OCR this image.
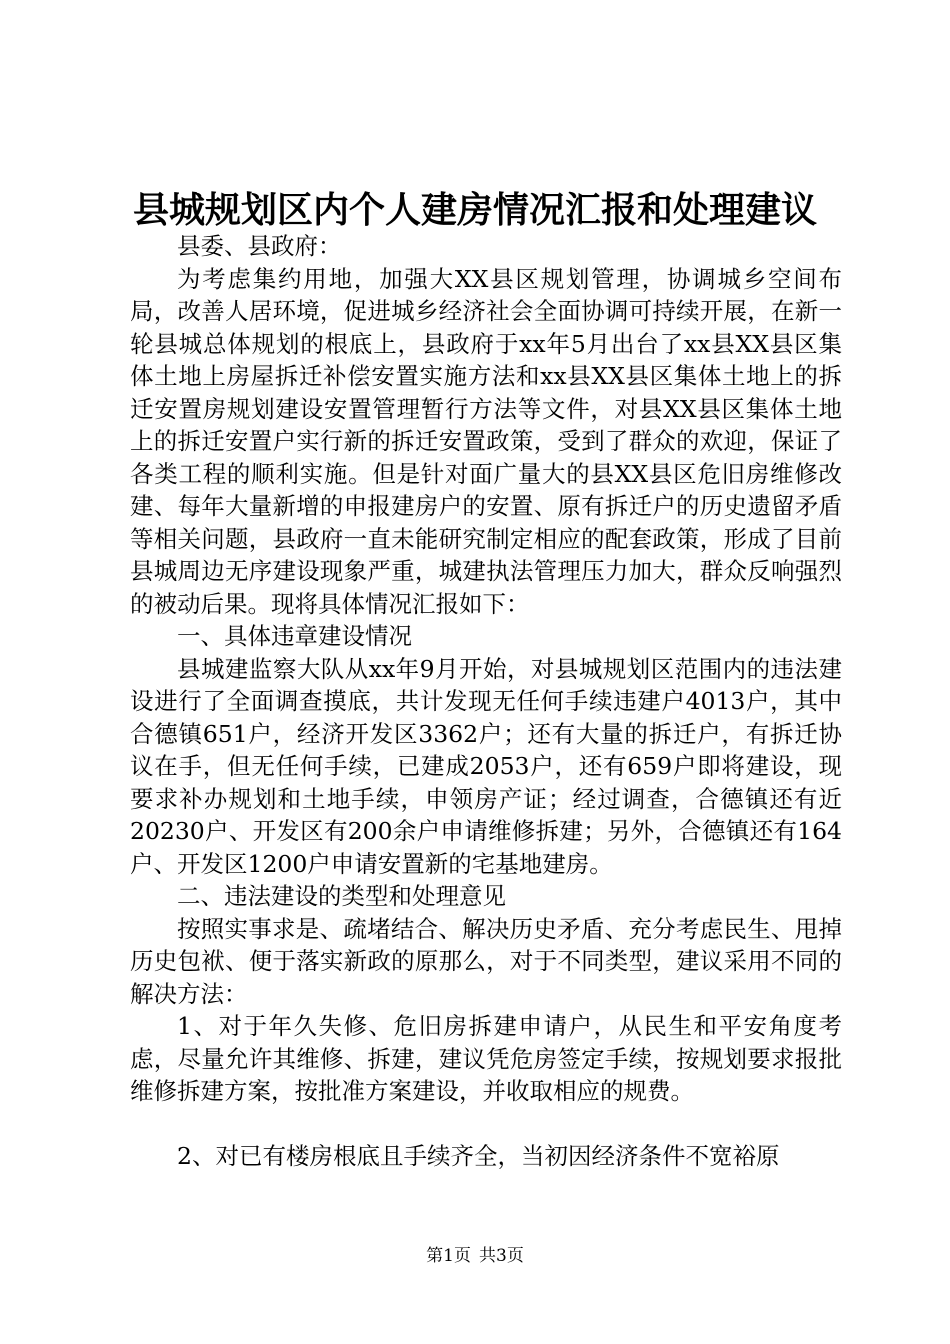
县城规划区内个人建房情况汇报和处理建议

县委、县政府：

为考虑集约用地，加强大XX县区规划管理，协调城乡空间布局，改善人居环境，促进城乡经济社会全面协调可持续开展，在新一轮县城总体规划的根底上，县政府于xx年5月出台了xx县XX县区集体土地上房屋拆迁补偿安置实施方法和xx县XX县区集体土地上的拆迁安置房规划建设安置管理暂行方法等文件，对县XX县区集体土地上的拆迁安置户实行新的拆迁安置政策，受到了群众的欢迎，保证了各类工程的顺利实施。但是针对面广量大的县XX县区危旧房维修改建、每年大量新增的申报建房户的安置、原有拆迁户的历史遗留矛盾等相关问题，县政府一直未能研究制定相应的配套政策，形成了目前县城周边无序建设现象严重，城建执法管理压力加大，群众反响强烈的被动后果。现将具体情况汇报如下：

一、具体违章建设情况

县城建监察大队从xx年9月开始，对县城规划区范围内的违法建设进行了全面调查摸底，共计发现无任何手续违建户4013户，其中合德镇651户，经济开发区3362户；还有大量的拆迁户，有拆迁协议在手，但无任何手续，已建成2053户，还有659户即将建设，现要求补办规划和土地手续，申领房产证；经过调查，合德镇还有近20230户、开发区有200余户申请维修拆建；另外，合德镇还有164户、开发区1200户申请安置新的宅基地建房。

二、违法建设的类型和处理意见

按照实事求是、疏堵结合、解决历史矛盾、充分考虑民生、甩掉历史包袱、便于落实新政的原那么，对于不同类型，建议采用不同的解决方法：

1、对于年久失修、危旧房拆建申请户，从民生和平安角度考虑，尽量允许其维修、拆建，建议凭危房签定手续，按规划要求报批维修拆建方案，按批准方案建设，并收取相应的规费。

2、对已有楼房根底且手续齐全，当初因经济条件不宽裕原

第1页 共3页
